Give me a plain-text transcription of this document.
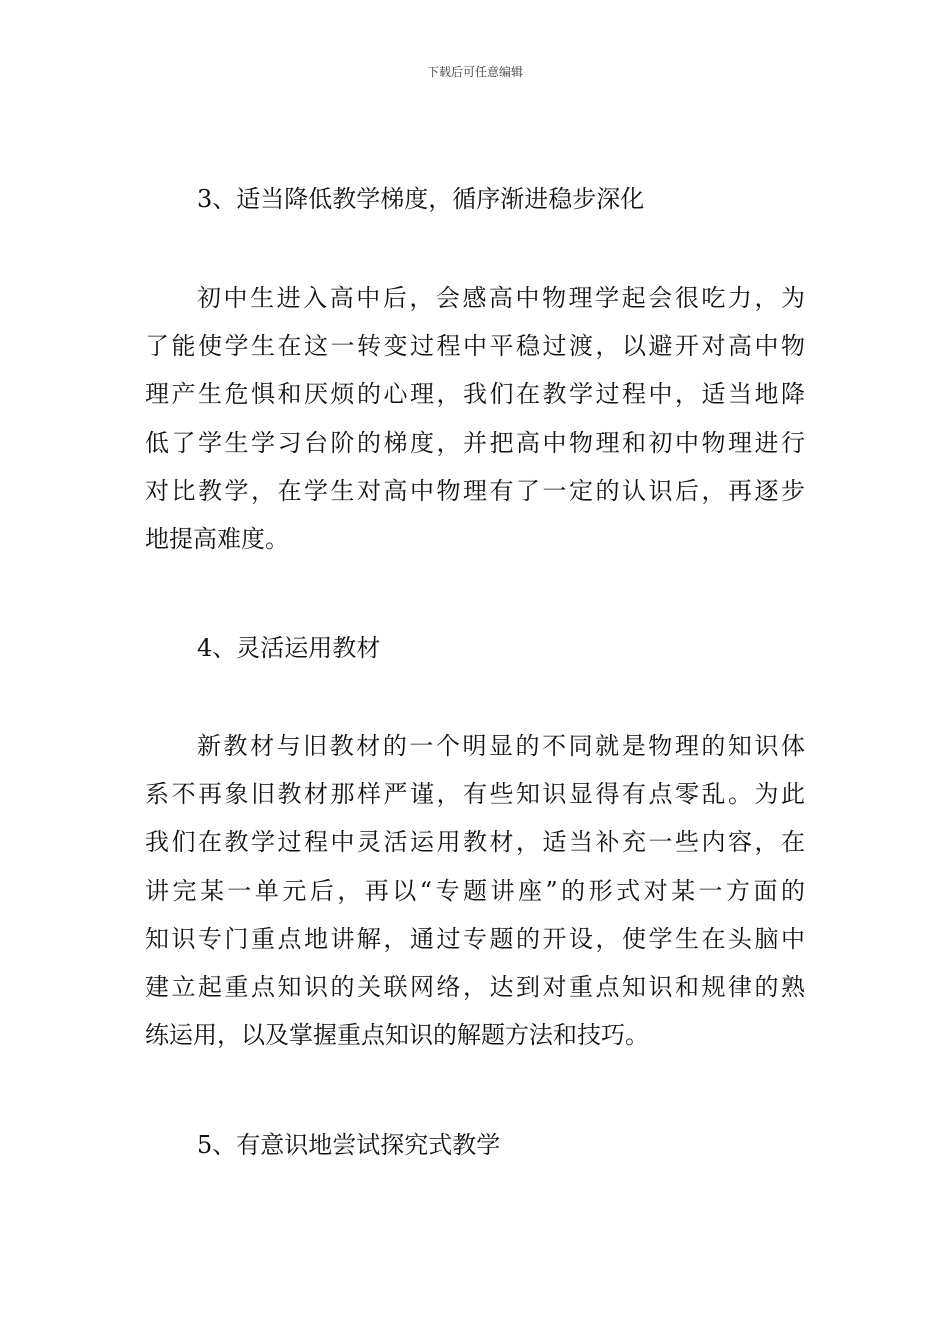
下载后可任意编辑
3、适当降低教学梯度，循序渐进稳步深化
初中生进入高中后，会感高中物理学起会很吃力，为
了能使学生在这一转变过程中平稳过渡，以避开对高中物
理产生危惧和厌烦的心理，我们在教学过程中，适当地降
低了学生学习台阶的梯度，并把高中物理和初中物理进行
对比教学，在学生对高中物理有了一定的认识后，再逐步
地提高难度。
4、灵活运用教材
新教材与旧教材的一个明显的不同就是物理的知识体
系不再象旧教材那样严谨，有些知识显得有点零乱。为此
我们在教学过程中灵活运用教材，适当补充一些内容，在
讲完某一单元后，再以“专题讲座”的形式对某一方面的
知识专门重点地讲解，通过专题的开设，使学生在头脑中
建立起重点知识的关联网络，达到对重点知识和规律的熟
练运用，以及掌握重点知识的解题方法和技巧。
5、有意识地尝试探究式教学
